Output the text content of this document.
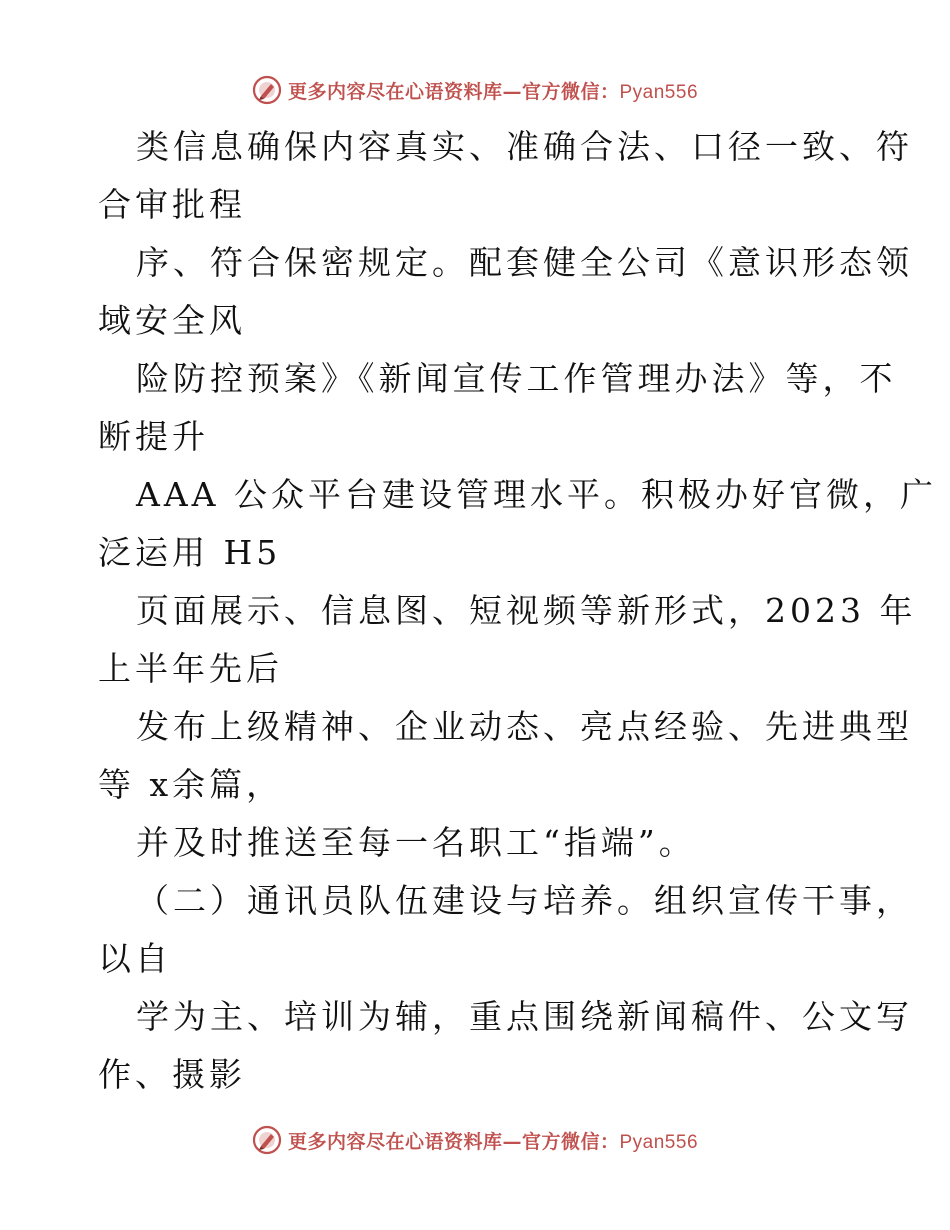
更多内容尽在心语资料库—官方微信：Pyan556
类信息确保内容真实、准确合法、口径一致、符
合审批程
序、符合保密规定。配套健全公司《意识形态领
域安全风
险防控预案》《新闻宣传工作管理办法》等，不
断提升
AAA 公众平台建设管理水平。积极办好官微，广
泛运用 H5
页面展示、信息图、短视频等新形式，2023 年
上半年先后
发布上级精神、企业动态、亮点经验、先进典型
等 x余篇，
并及时推送至每一名职工“指端”。
（二）通讯员队伍建设与培养。组织宣传干事，
以自
学为主、培训为辅，重点围绕新闻稿件、公文写
作、摄影
更多内容尽在心语资料库—官方微信：Pyan556
